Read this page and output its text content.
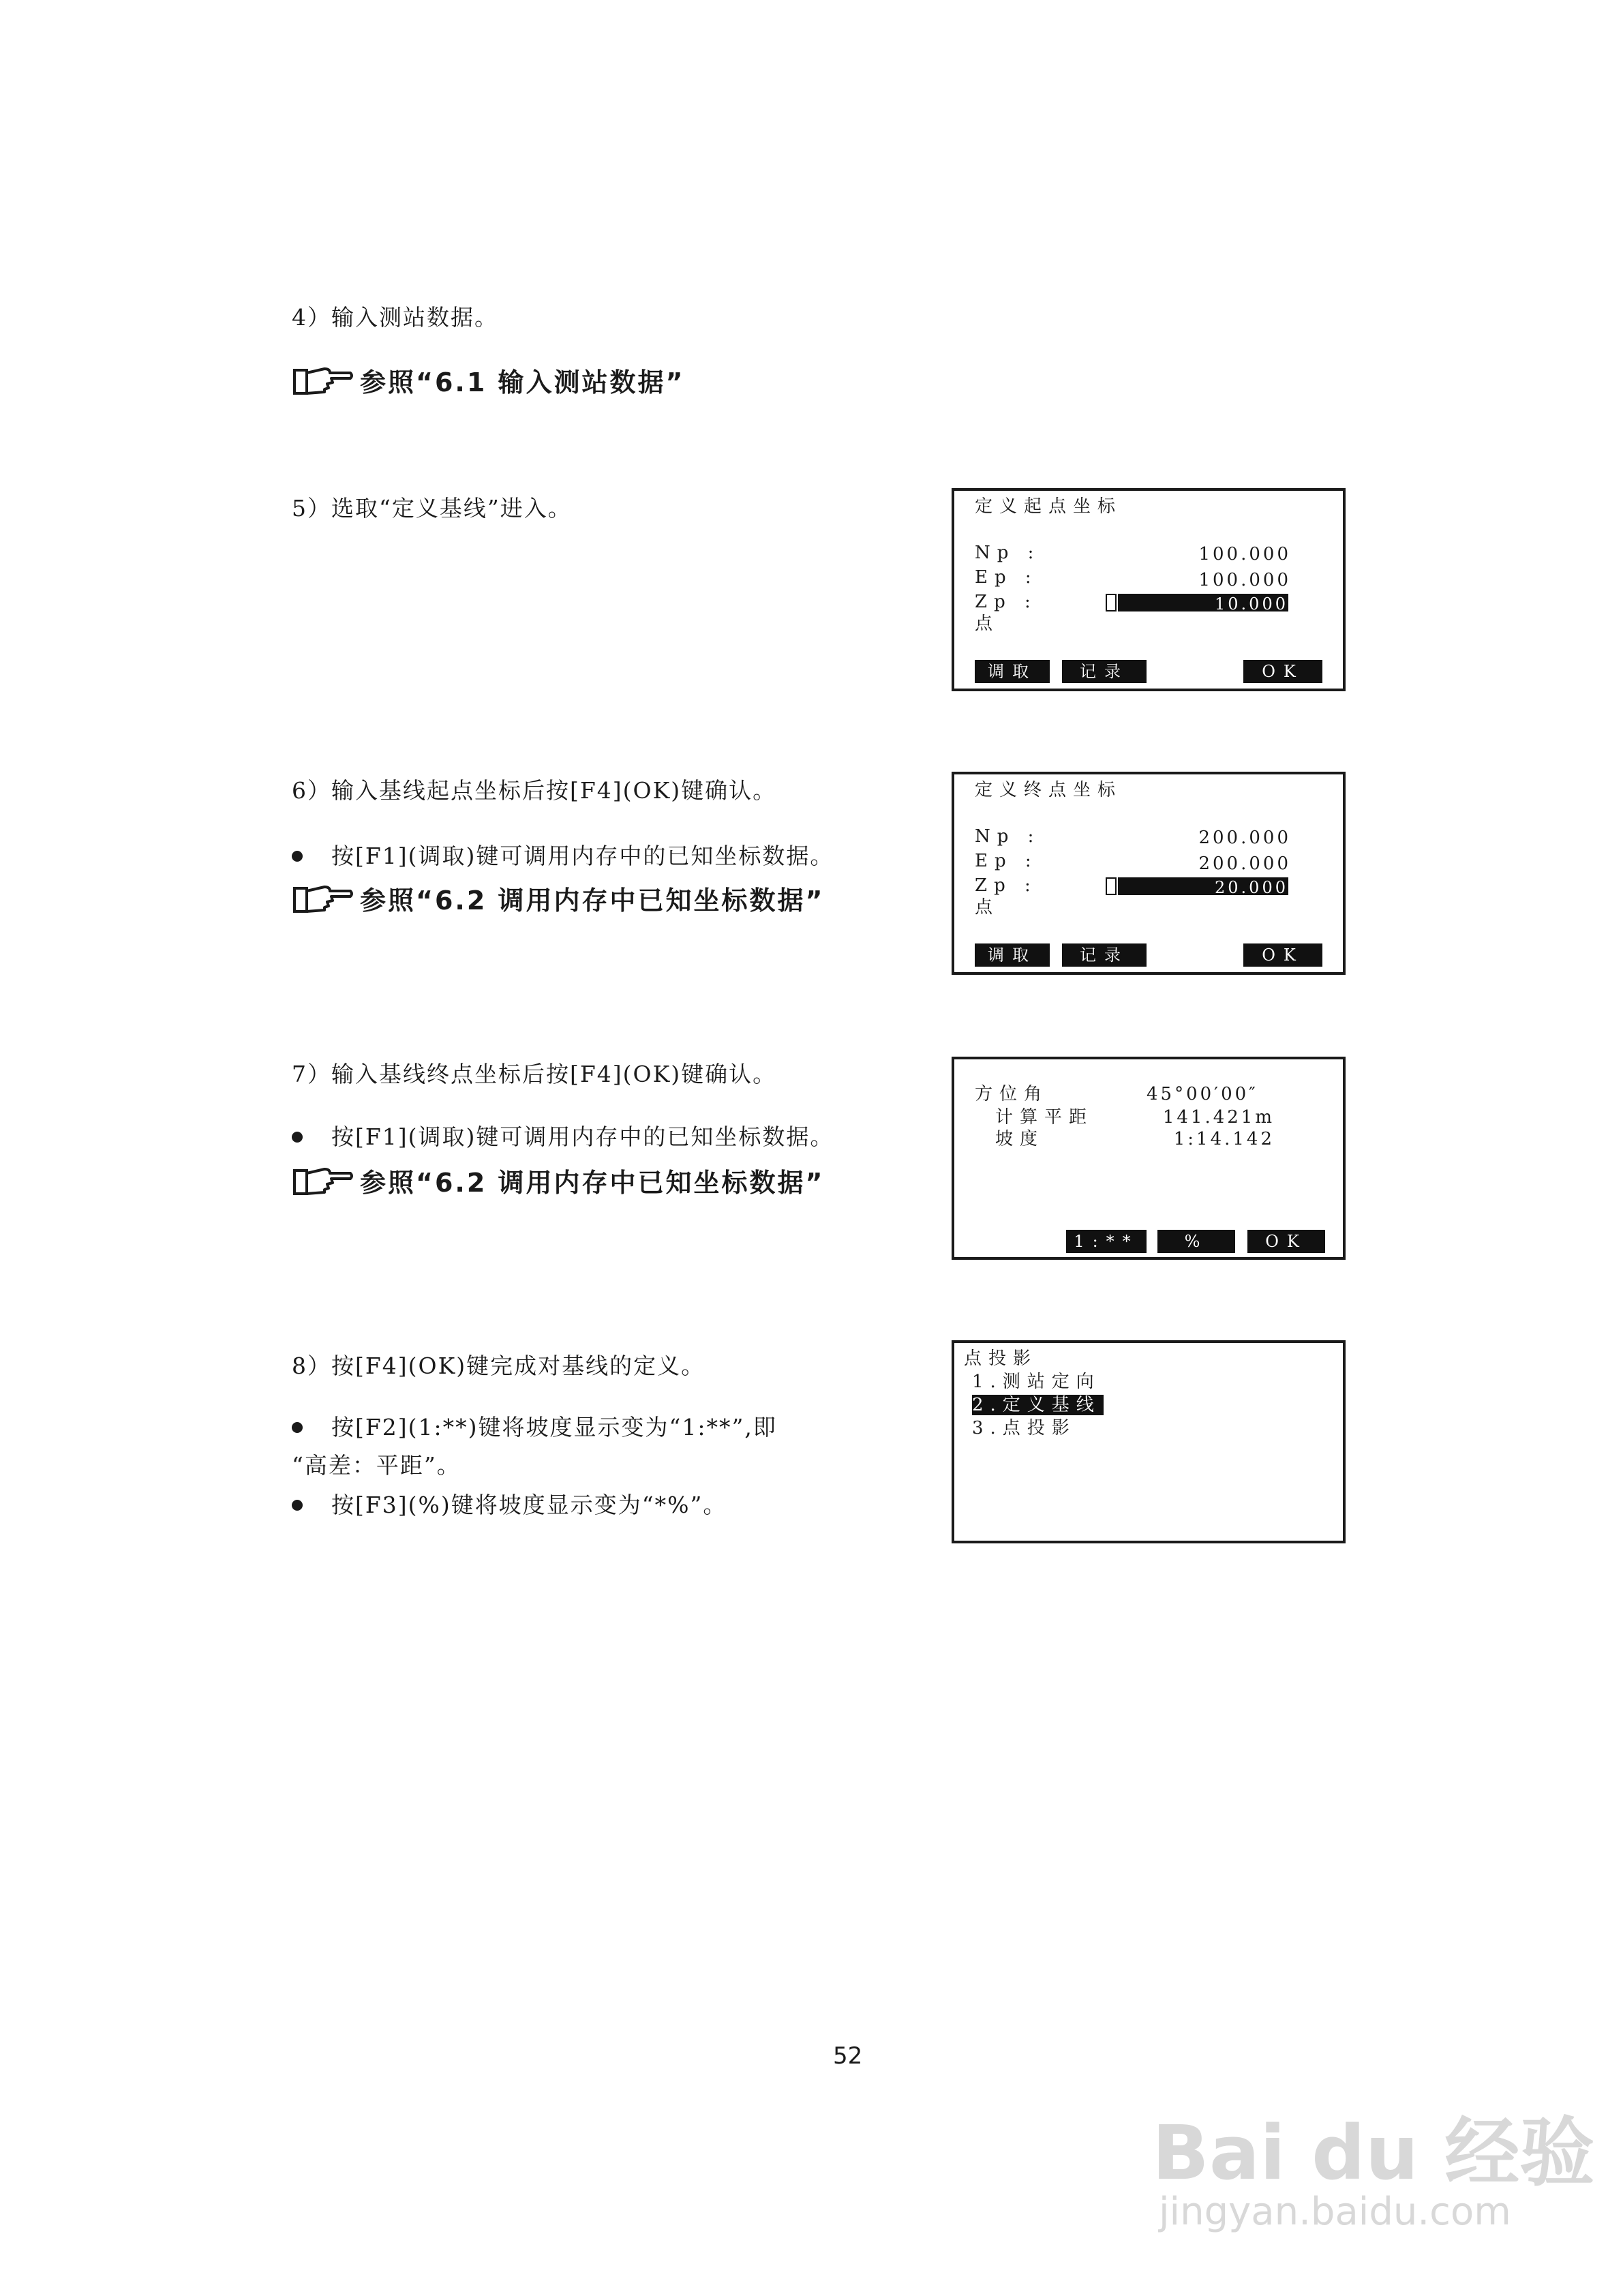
4）输入测站数据。
参照“6.1 输入测站数据”
5）选取“定义基线”进入。	定义起点坐标
Np :	100.000
Ep :	100.000
Zp :	10.000
点
调取	记录	OK
6）输入基线起点坐标后按[F4](OK)键确认。
按[F1](调取)键可调用内存中的已知坐标数据。
参照“6.2 调用内存中已知坐标数据”
定义终点坐标
Np :	200.000
Ep :	200.000
Zp :	20.000
点
调取	记录	OK
7）输入基线终点坐标后按[F4](OK)键确认。
按[F1](调取)键可调用内存中的已知坐标数据。
参照“6.2 调用内存中已知坐标数据”
方位角	45°00′00″
计算平距	141.421m
坡度	1:14.142
1:**	%	OK
8）按[F4](OK)键完成对基线的定义。
按[F2](1:**)键将坡度显示变为“1:**”,即
“高差：平距”。
按[F3](%)键将坡度显示变为“*%”。
点投影
1.测站定向
2.定义基线
3.点投影
52
Bai du 经验
jingyan.baidu.com
